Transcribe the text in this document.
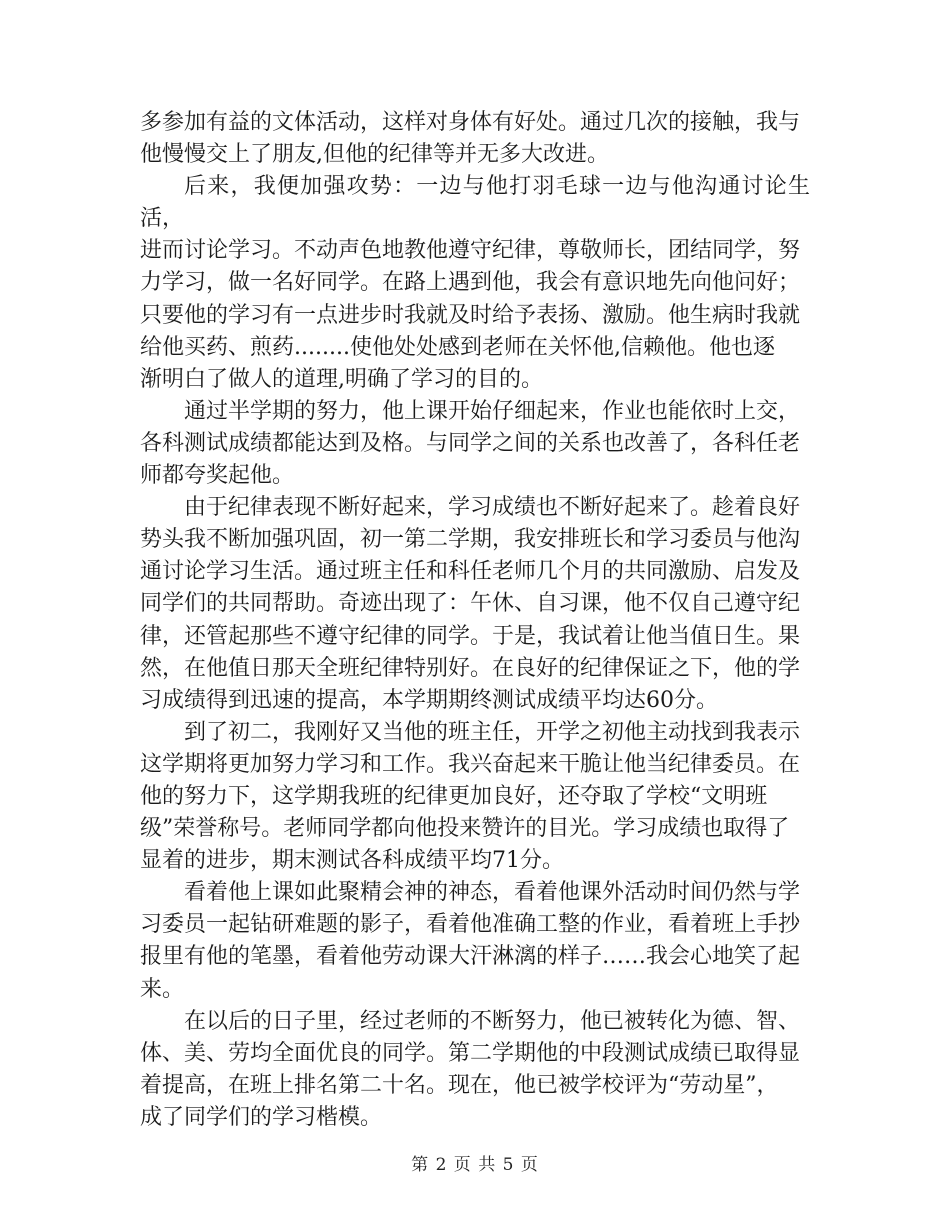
多参加有益的文体活动，这样对身体有好处。通过几次的接触，我与
他慢慢交上了朋友,但他的纪律等并无多大改进。

后来，我便加强攻势：一边与他打羽毛球一边与他沟通讨论生活，
进而讨论学习。不动声色地教他遵守纪律，尊敬师长，团结同学，努
力学习，做一名好同学。在路上遇到他，我会有意识地先向他问好；
只要他的学习有一点进步时我就及时给予表扬、激励。他生病时我就
给他买药、煎药........使他处处感到老师在关怀他,信赖他。他也逐
渐明白了做人的道理,明确了学习的目的。

通过半学期的努力，他上课开始仔细起来，作业也能依时上交，
各科测试成绩都能达到及格。与同学之间的关系也改善了，各科任老
师都夸奖起他。

由于纪律表现不断好起来，学习成绩也不断好起来了。趁着良好
势头我不断加强巩固，初一第二学期，我安排班长和学习委员与他沟
通讨论学习生活。通过班主任和科任老师几个月的共同激励、启发及
同学们的共同帮助。奇迹出现了：午休、自习课，他不仅自己遵守纪
律，还管起那些不遵守纪律的同学。于是，我试着让他当值日生。果
然，在他值日那天全班纪律特别好。在良好的纪律保证之下，他的学
习成绩得到迅速的提高，本学期期终测试成绩平均达60分。

到了初二，我刚好又当他的班主任，开学之初他主动找到我表示
这学期将更加努力学习和工作。我兴奋起来干脆让他当纪律委员。在
他的努力下，这学期我班的纪律更加良好，还夺取了学校“文明班
级”荣誉称号。老师同学都向他投来赞许的目光。学习成绩也取得了
显着的进步，期末测试各科成绩平均71分。

看着他上课如此聚精会神的神态，看着他课外活动时间仍然与学
习委员一起钻研难题的影子，看着他准确工整的作业，看着班上手抄
报里有他的笔墨，看着他劳动课大汗淋漓的样子……我会心地笑了起
来。

在以后的日子里，经过老师的不断努力，他已被转化为德、智、
体、美、劳均全面优良的同学。第二学期他的中段测试成绩已取得显
着提高，在班上排名第二十名。现在，他已被学校评为“劳动星”，
成了同学们的学习楷模。

第 2 页 共 5 页
